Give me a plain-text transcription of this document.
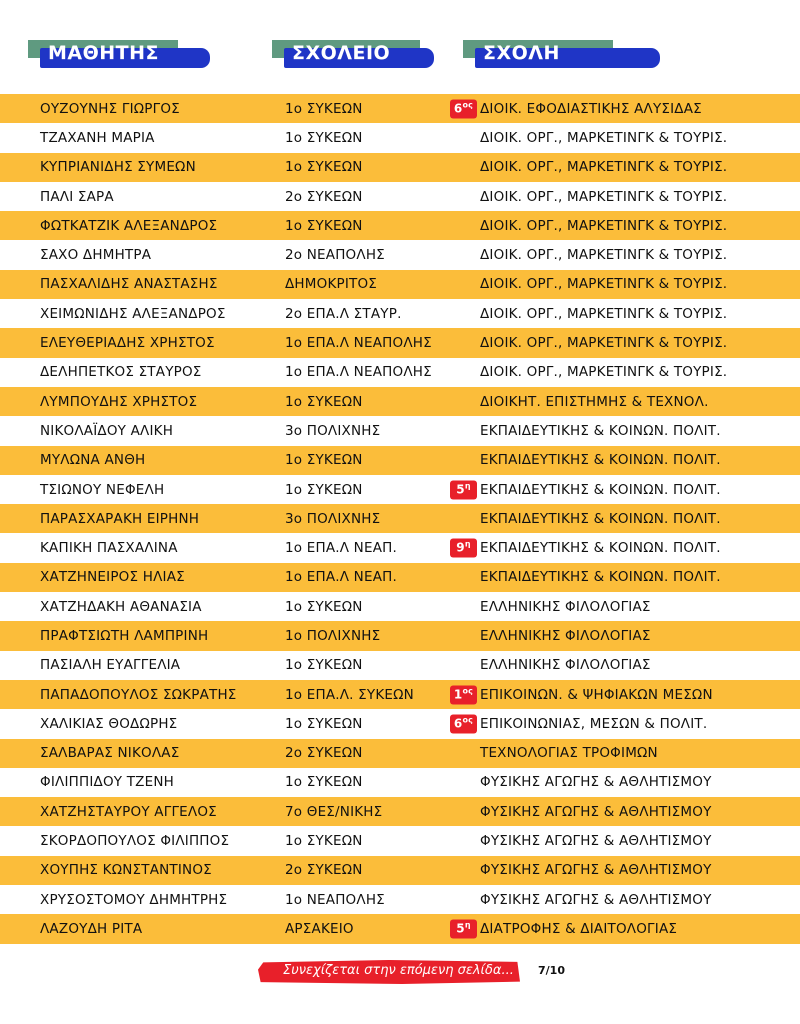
ΜΑΘΗΤΗΣ	ΣΧΟΛΕΙΟ	ΣΧΟΛΗ
ΟΥΖΟΥΝΗΣ ΓΙΩΡΓΟΣ	1ο ΣΥΚΕΩΝ	$6^{o\varsigma}$ ΔΙΟΙΚ. ΕΦΟΔΙΑΣΤΙΚΗΣ ΑΛΥΣΙΔΑΣ
ΤΖΑΧΑΝΗ ΜΑΡΙΑ	1ο ΣΥΚΕΩΝ	ΔΙΟΙΚ. ΟΡΓ., ΜΑΡΚΕΤΙΝΓΚ & ΤΟΥΡΙΣ.
ΚΥΠΡΙΑΝΙΔΗΣ ΣΥΜΕΩΝ	1ο ΣΥΚΕΩΝ	ΔΙΟΙΚ. ΟΡΓ., ΜΑΡΚΕΤΙΝΓΚ & ΤΟΥΡΙΣ.
ΠΑΛΙ ΣΑΡΑ	2ο ΣΥΚΕΩΝ	ΔΙΟΙΚ. ΟΡΓ., ΜΑΡΚΕΤΙΝΓΚ & ΤΟΥΡΙΣ.
ΦΩΤΚΑΤΖΙΚ ΑΛΕΞΑΝΔΡΟΣ	1ο ΣΥΚΕΩΝ	ΔΙΟΙΚ. ΟΡΓ., ΜΑΡΚΕΤΙΝΓΚ & ΤΟΥΡΙΣ.
ΣΑΧΟ ΔΗΜΗΤΡΑ	2ο ΝΕΑΠΟΛΗΣ	ΔΙΟΙΚ. ΟΡΓ., ΜΑΡΚΕΤΙΝΓΚ & ΤΟΥΡΙΣ.
ΠΑΣΧΑΛΙΔΗΣ ΑΝΑΣΤΑΣΗΣ	ΔΗΜΟΚΡΙΤΟΣ	ΔΙΟΙΚ. ΟΡΓ., ΜΑΡΚΕΤΙΝΓΚ & ΤΟΥΡΙΣ.
ΧΕΙΜΩΝΙΔΗΣ ΑΛΕΞΑΝΔΡΟΣ	2ο ΕΠΑ.Λ ΣΤΑΥΡ.	ΔΙΟΙΚ. ΟΡΓ., ΜΑΡΚΕΤΙΝΓΚ & ΤΟΥΡΙΣ.
ΕΛΕΥΘΕΡΙΑΔΗΣ ΧΡΗΣΤΟΣ	1ο ΕΠΑ.Λ ΝΕΑΠΟΛΗΣ	ΔΙΟΙΚ. ΟΡΓ., ΜΑΡΚΕΤΙΝΓΚ & ΤΟΥΡΙΣ.
ΔΕΛΗΠΕΤΚΟΣ ΣΤΑΥΡΟΣ	1ο ΕΠΑ.Λ ΝΕΑΠΟΛΗΣ	ΔΙΟΙΚ. ΟΡΓ., ΜΑΡΚΕΤΙΝΓΚ & ΤΟΥΡΙΣ.
ΛΥΜΠΟΥΔΗΣ ΧΡΗΣΤΟΣ	1ο ΣΥΚΕΩΝ	ΔΙΟΙΚΗΤ. ΕΠΙΣΤΗΜΗΣ & ΤΕΧΝΟΛ.
ΝΙΚΟΛΑΪΔΟΥ ΑΛΙΚΗ	3ο ΠΟΛΙΧΝΗΣ	ΕΚΠΑΙΔΕΥΤΙΚΗΣ & ΚΟΙΝΩΝ. ΠΟΛΙΤ.
ΜΥΛΩΝΑ ΑΝΘΗ	1ο ΣΥΚΕΩΝ	ΕΚΠΑΙΔΕΥΤΙΚΗΣ & ΚΟΙΝΩΝ. ΠΟΛΙΤ.
ΤΣΙΩΝΟΥ ΝΕΦΕΛΗ	1ο ΣΥΚΕΩΝ	$5^\eta$ ΕΚΠΑΙΔΕΥΤΙΚΗΣ & ΚΟΙΝΩΝ. ΠΟΛΙΤ.
ΠΑΡΑΣΧΑΡΑΚΗ ΕΙΡΗΝΗ	3ο ΠΟΛΙΧΝΗΣ	ΕΚΠΑΙΔΕΥΤΙΚΗΣ & ΚΟΙΝΩΝ. ΠΟΛΙΤ.
ΚΑΠΙΚΗ ΠΑΣΧΑΛΙΝΑ	1ο ΕΠΑ.Λ ΝΕΑΠ.	$9^\eta$ ΕΚΠΑΙΔΕΥΤΙΚΗΣ & ΚΟΙΝΩΝ. ΠΟΛΙΤ.
ΧΑΤΖΗΝΕΙΡΟΣ ΗΛΙΑΣ	1ο ΕΠΑ.Λ ΝΕΑΠ.	ΕΚΠΑΙΔΕΥΤΙΚΗΣ & ΚΟΙΝΩΝ. ΠΟΛΙΤ.
ΧΑΤΖΗΔΑΚΗ ΑΘΑΝΑΣΙΑ	1ο ΣΥΚΕΩΝ	ΕΛΛΗΝΙΚΗΣ ΦΙΛΟΛΟΓΙΑΣ
ΠΡΑΦΤΣΙΩΤΗ ΛΑΜΠΡΙΝΗ	1ο ΠΟΛΙΧΝΗΣ	ΕΛΛΗΝΙΚΗΣ ΦΙΛΟΛΟΓΙΑΣ
ΠΑΣΙΑΛΗ ΕΥΑΓΓΕΛΙΑ	1ο ΣΥΚΕΩΝ	ΕΛΛΗΝΙΚΗΣ ΦΙΛΟΛΟΓΙΑΣ
ΠΑΠΑΔΟΠΟΥΛΟΣ ΣΩΚΡΑΤΗΣ	1ο ΕΠΑ.Λ. ΣΥΚΕΩΝ	$1^{o\varsigma}$ ΕΠΙΚΟΙΝΩΝ. & ΨΗΦΙΑΚΩΝ ΜΕΣΩΝ
ΧΑΛΙΚΙΑΣ ΘΟΔΩΡΗΣ	1ο ΣΥΚΕΩΝ	$6^{o\varsigma}$ ΕΠΙΚΟΙΝΩΝΙΑΣ, ΜΕΣΩΝ & ΠΟΛΙΤ.
ΣΑΛΒΑΡΑΣ ΝΙΚΟΛΑΣ	2ο ΣΥΚΕΩΝ	ΤΕΧΝΟΛΟΓΙΑΣ ΤΡΟΦΙΜΩΝ
ΦΙΛΙΠΠΙΔΟΥ ΤΖΕΝΗ	1ο ΣΥΚΕΩΝ	ΦΥΣΙΚΗΣ ΑΓΩΓΗΣ & ΑΘΛΗΤΙΣΜΟΥ
ΧΑΤΖΗΣΤΑΥΡΟΥ ΑΓΓΕΛΟΣ	7ο ΘΕΣ/ΝΙΚΗΣ	ΦΥΣΙΚΗΣ ΑΓΩΓΗΣ & ΑΘΛΗΤΙΣΜΟΥ
ΣΚΟΡΔΟΠΟΥΛΟΣ ΦΙΛΙΠΠΟΣ	1ο ΣΥΚΕΩΝ	ΦΥΣΙΚΗΣ ΑΓΩΓΗΣ & ΑΘΛΗΤΙΣΜΟΥ
ΧΟΥΠΗΣ ΚΩΝΣΤΑΝΤΙΝΟΣ	2ο ΣΥΚΕΩΝ	ΦΥΣΙΚΗΣ ΑΓΩΓΗΣ & ΑΘΛΗΤΙΣΜΟΥ
ΧΡΥΣΟΣΤΟΜΟΥ ΔΗΜΗΤΡΗΣ	1ο ΝΕΑΠΟΛΗΣ	ΦΥΣΙΚΗΣ ΑΓΩΓΗΣ & ΑΘΛΗΤΙΣΜΟΥ
ΛΑΖΟΥΔΗ ΡΙΤΑ	ΑΡΣΑΚΕΙΟ	$5^\eta$ ΔΙΑΤΡΟΦΗΣ & ΔΙΑΙΤΟΛΟΓΙΑΣ
Συνεχίζεται στην επόμενη σελίδα... 7/10
